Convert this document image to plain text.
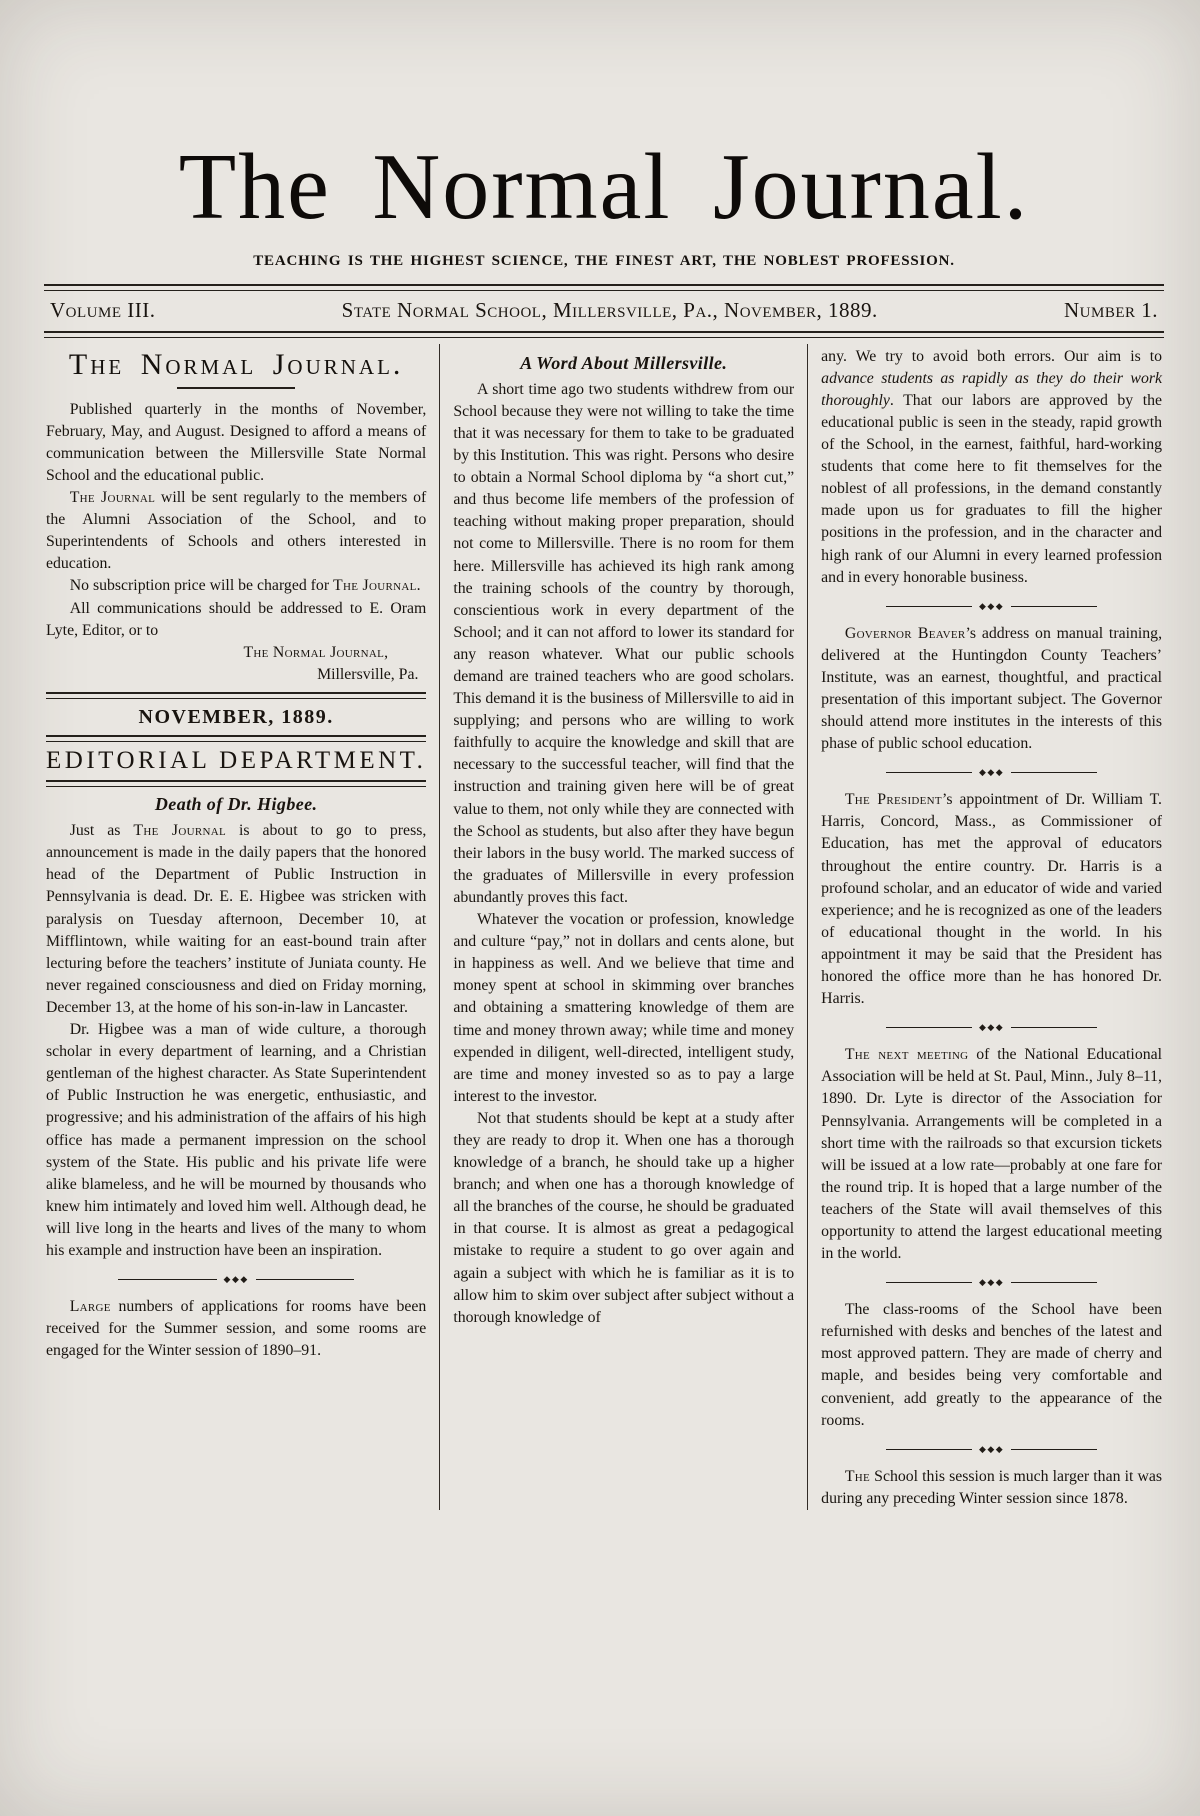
The Normal Journal.
TEACHING IS THE HIGHEST SCIENCE, THE FINEST ART, THE NOBLEST PROFESSION.
Volume III.	State Normal School, Millersville, Pa., November, 1889.	Number 1.
The Normal Journal.

Published quarterly in the months of November, February, May, and August. Designed to afford a means of communication between the Millersville State Normal School and the educational public.

The Journal will be sent regularly to the members of the Alumni Association of the School, and to Superintendents of Schools and others interested in education.

No subscription price will be charged for The Journal.

All communications should be addressed to E. Oram Lyte, Editor, or to

The Normal Journal,

Millersville, Pa.

NOVEMBER, 1889.
EDITORIAL DEPARTMENT.
Death of Dr. Higbee.

Just as The Journal is about to go to press, announcement is made in the daily papers that the honored head of the Department of Public Instruction in Pennsylvania is dead. Dr. E. E. Higbee was stricken with paralysis on Tuesday afternoon, December 10, at Mifflintown, while waiting for an east-bound train after lecturing before the teachers’ institute of Juniata county. He never regained consciousness and died on Friday morning, December 13, at the home of his son-in-law in Lancaster.

Dr. Higbee was a man of wide culture, a thorough scholar in every department of learning, and a Christian gentleman of the highest character. As State Superintendent of Public Instruction he was energetic, enthusiastic, and progressive; and his administration of the affairs of his high office has made a permanent impression on the school system of the State. His public and his private life were alike blameless, and he will be mourned by thousands who knew him intimately and loved him well. Although dead, he will live long in the hearts and lives of the many to whom his example and instruction have been an inspiration.

◆◆◆

Large numbers of applications for rooms have been received for the Summer session, and some rooms are engaged for the Winter session of 1890–91.

A Word About Millersville.

A short time ago two students withdrew from our School because they were not willing to take the time that it was necessary for them to take to be graduated by this Institution. This was right. Persons who desire to obtain a Normal School diploma by “a short cut,” and thus become life members of the profession of teaching without making proper preparation, should not come to Millersville. There is no room for them here. Millersville has achieved its high rank among the training schools of the country by thorough, conscientious work in every department of the School; and it can not afford to lower its standard for any reason whatever. What our public schools demand are trained teachers who are good scholars. This demand it is the business of Millersville to aid in supplying; and persons who are willing to work faithfully to acquire the knowledge and skill that are necessary to the successful teacher, will find that the instruction and training given here will be of great value to them, not only while they are connected with the School as students, but also after they have begun their labors in the busy world. The marked success of the graduates of Millersville in every profession abundantly proves this fact.

Whatever the vocation or profession, knowledge and culture “pay,” not in dollars and cents alone, but in happiness as well. And we believe that time and money spent at school in skimming over branches and obtaining a smattering knowledge of them are time and money thrown away; while time and money expended in diligent, well-directed, intelligent study, are time and money invested so as to pay a large interest to the investor.

Not that students should be kept at a study after they are ready to drop it. When one has a thorough knowledge of a branch, he should take up a higher branch; and when one has a thorough knowledge of all the branches of the course, he should be graduated in that course. It is almost as great a pedagogical mistake to require a student to go over again and again a subject with which he is familiar as it is to allow him to skim over subject after subject without a thorough knowledge of

any. We try to avoid both errors. Our aim is to advance students as rapidly as they do their work thoroughly. That our labors are approved by the educational public is seen in the steady, rapid growth of the School, in the earnest, faithful, hard-working students that come here to fit themselves for the noblest of all professions, in the demand constantly made upon us for graduates to fill the higher positions in the profession, and in the character and high rank of our Alumni in every learned profession and in every honorable business.

◆◆◆

Governor Beaver’s address on manual training, delivered at the Huntingdon County Teachers’ Institute, was an earnest, thoughtful, and practical presentation of this important subject. The Governor should attend more institutes in the interests of this phase of public school education.

◆◆◆

The President’s appointment of Dr. William T. Harris, Concord, Mass., as Commissioner of Education, has met the approval of educators throughout the entire country. Dr. Harris is a profound scholar, and an educator of wide and varied experience; and he is recognized as one of the leaders of educational thought in the world. In his appointment it may be said that the President has honored the office more than he has honored Dr. Harris.

◆◆◆

The next meeting of the National Educational Association will be held at St. Paul, Minn., July 8–11, 1890. Dr. Lyte is director of the Association for Pennsylvania. Arrangements will be completed in a short time with the railroads so that excursion tickets will be issued at a low rate—probably at one fare for the round trip. It is hoped that a large number of the teachers of the State will avail themselves of this opportunity to attend the largest educational meeting in the world.

◆◆◆

The class-rooms of the School have been refurnished with desks and benches of the latest and most approved pattern. They are made of cherry and maple, and besides being very comfortable and convenient, add greatly to the appearance of the rooms.

◆◆◆

The School this session is much larger than it was during any preceding Winter session since 1878.
